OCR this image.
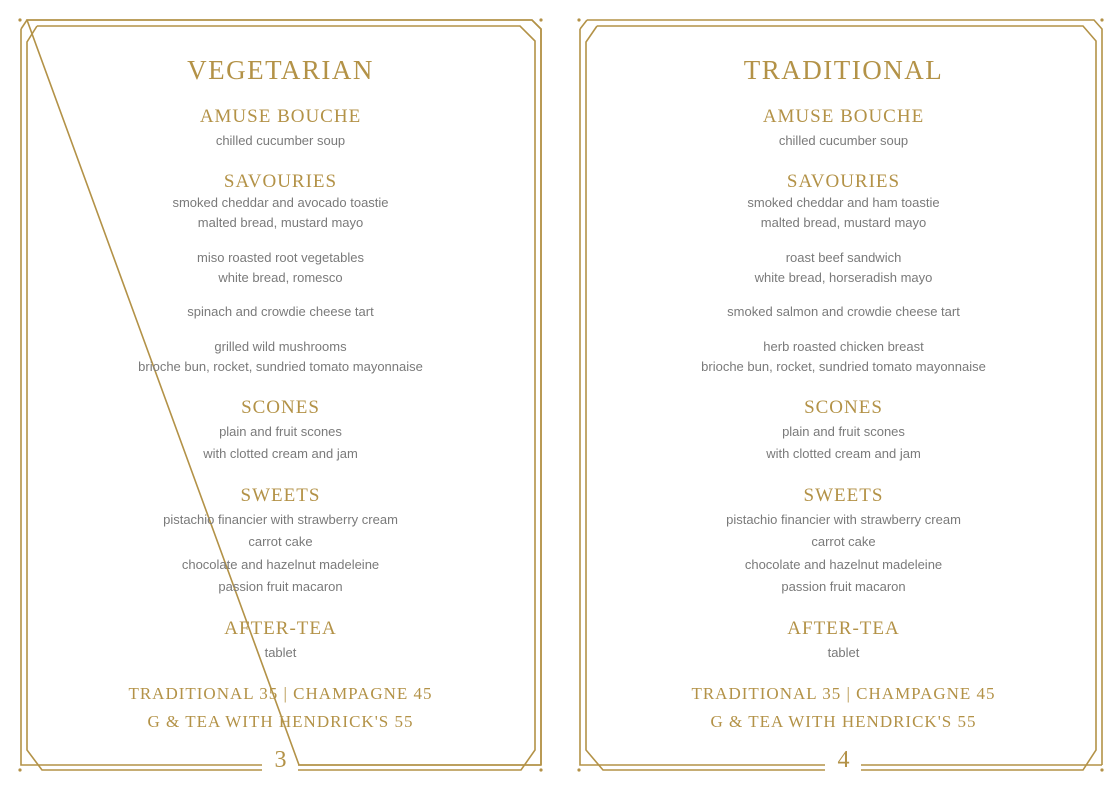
VEGETARIAN
AMUSE BOUCHE
chilled cucumber soup
SAVOURIES
smoked cheddar and avocado toastie
malted bread, mustard mayo
miso roasted root vegetables
white bread, romesco
spinach and crowdie cheese tart
grilled wild mushrooms
brioche bun, rocket, sundried tomato mayonnaise
SCONES
plain and fruit scones
with clotted cream and jam
SWEETS
pistachio financier with strawberry cream
carrot cake
chocolate and hazelnut madeleine
passion fruit macaron
AFTER-TEA
tablet
TRADITIONAL 35 | CHAMPAGNE 45
G & TEA WITH HENDRICK'S 55
3
TRADITIONAL
AMUSE BOUCHE
chilled cucumber soup
SAVOURIES
smoked cheddar and ham toastie
malted bread, mustard mayo
roast beef sandwich
white bread, horseradish mayo
smoked salmon and crowdie cheese tart
herb roasted chicken breast
brioche bun, rocket, sundried tomato mayonnaise
SCONES
plain and fruit scones
with clotted cream and jam
SWEETS
pistachio financier with strawberry cream
carrot cake
chocolate and hazelnut madeleine
passion fruit macaron
AFTER-TEA
tablet
TRADITIONAL 35 | CHAMPAGNE 45
G & TEA WITH HENDRICK'S 55
4
